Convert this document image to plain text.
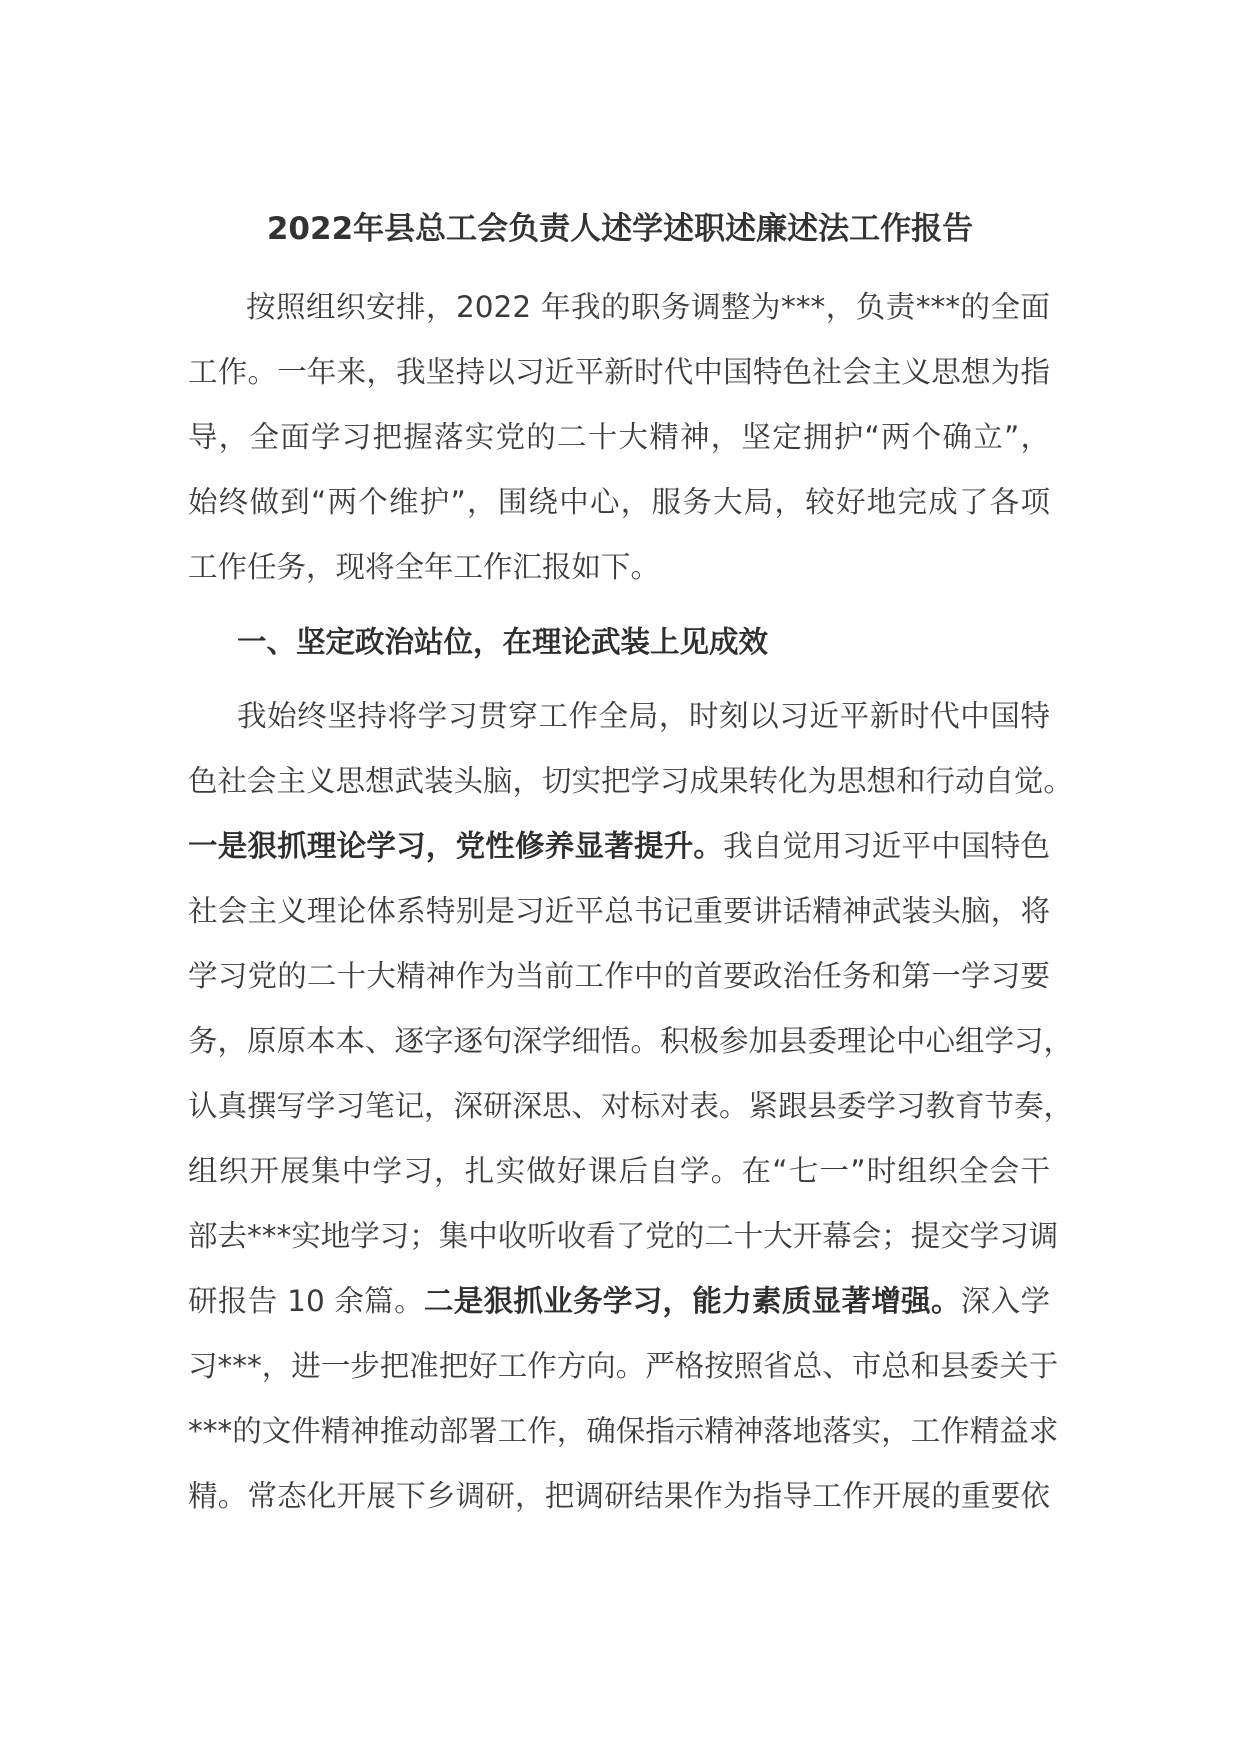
2022年县总工会负责人述学述职述廉述法工作报告
按照组织安排，2022 年我的职务调整为***，负责***的全面
工作。一年来，我坚持以习近平新时代中国特色社会主义思想为指
导，全面学习把握落实党的二十大精神，坚定拥护“两个确立”，
始终做到“两个维护”，围绕中心，服务大局，较好地完成了各项
工作任务，现将全年工作汇报如下。
一、坚定政治站位，在理论武装上见成效
我始终坚持将学习贯穿工作全局，时刻以习近平新时代中国特
色社会主义思想武装头脑，切实把学习成果转化为思想和行动自觉。
一是狠抓理论学习，党性修养显著提升。我自觉用习近平中国特色
社会主义理论体系特别是习近平总书记重要讲话精神武装头脑，将
学习党的二十大精神作为当前工作中的首要政治任务和第一学习要
务，原原本本、逐字逐句深学细悟。积极参加县委理论中心组学习，
认真撰写学习笔记，深研深思、对标对表。紧跟县委学习教育节奏，
组织开展集中学习，扎实做好课后自学。在“七一”时组织全会干
部去***实地学习；集中收听收看了党的二十大开幕会；提交学习调
研报告 10 余篇。二是狠抓业务学习，能力素质显著增强。深入学
习***，进一步把准把好工作方向。严格按照省总、市总和县委关于
***的文件精神推动部署工作，确保指示精神落地落实，工作精益求
精。常态化开展下乡调研，把调研结果作为指导工作开展的重要依
